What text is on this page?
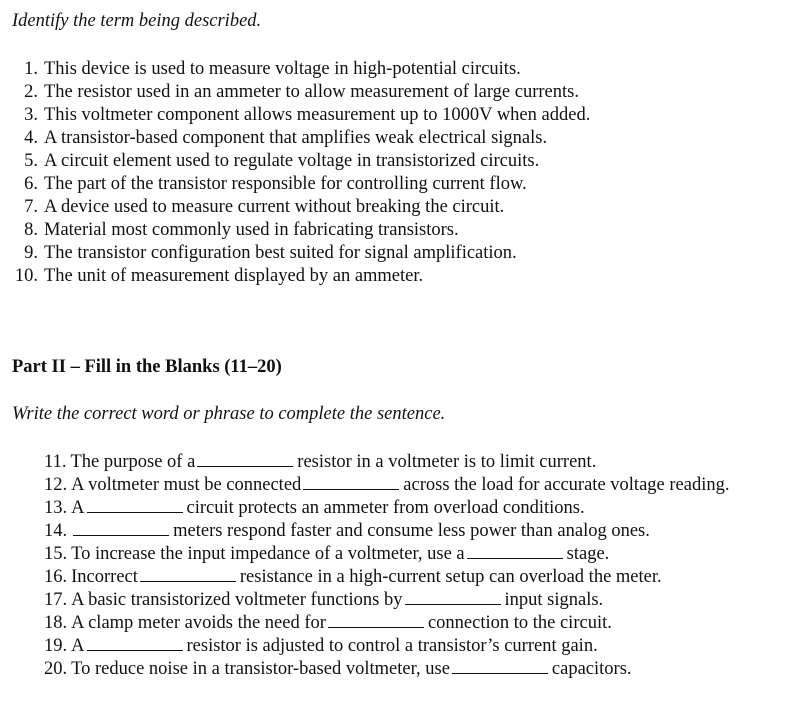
Identify the term being described.
1. This device is used to measure voltage in high-potential circuits.
2. The resistor used in an ammeter to allow measurement of large currents.
3. This voltmeter component allows measurement up to 1000V when added.
4. A transistor-based component that amplifies weak electrical signals.
5. A circuit element used to regulate voltage in transistorized circuits.
6. The part of the transistor responsible for controlling current flow.
7. A device used to measure current without breaking the circuit.
8. Material most commonly used in fabricating transistors.
9. The transistor configuration best suited for signal amplification.
10. The unit of measurement displayed by an ammeter.
Part II – Fill in the Blanks (11–20)
Write the correct word or phrase to complete the sentence.
11. The purpose of a	resistor in a voltmeter is to limit current.
12. A voltmeter must be connected	across the load for accurate voltage reading.
13. A	circuit protects an ammeter from overload conditions.
14.	meters respond faster and consume less power than analog ones.
15. To increase the input impedance of a voltmeter, use a	stage.
16. Incorrect	resistance in a high-current setup can overload the meter.
17. A basic transistorized voltmeter functions by	input signals.
18. A clamp meter avoids the need for	connection to the circuit.
19. A	resistor is adjusted to control a transistor’s current gain.
20. To reduce noise in a transistor-based voltmeter, use	capacitors.
